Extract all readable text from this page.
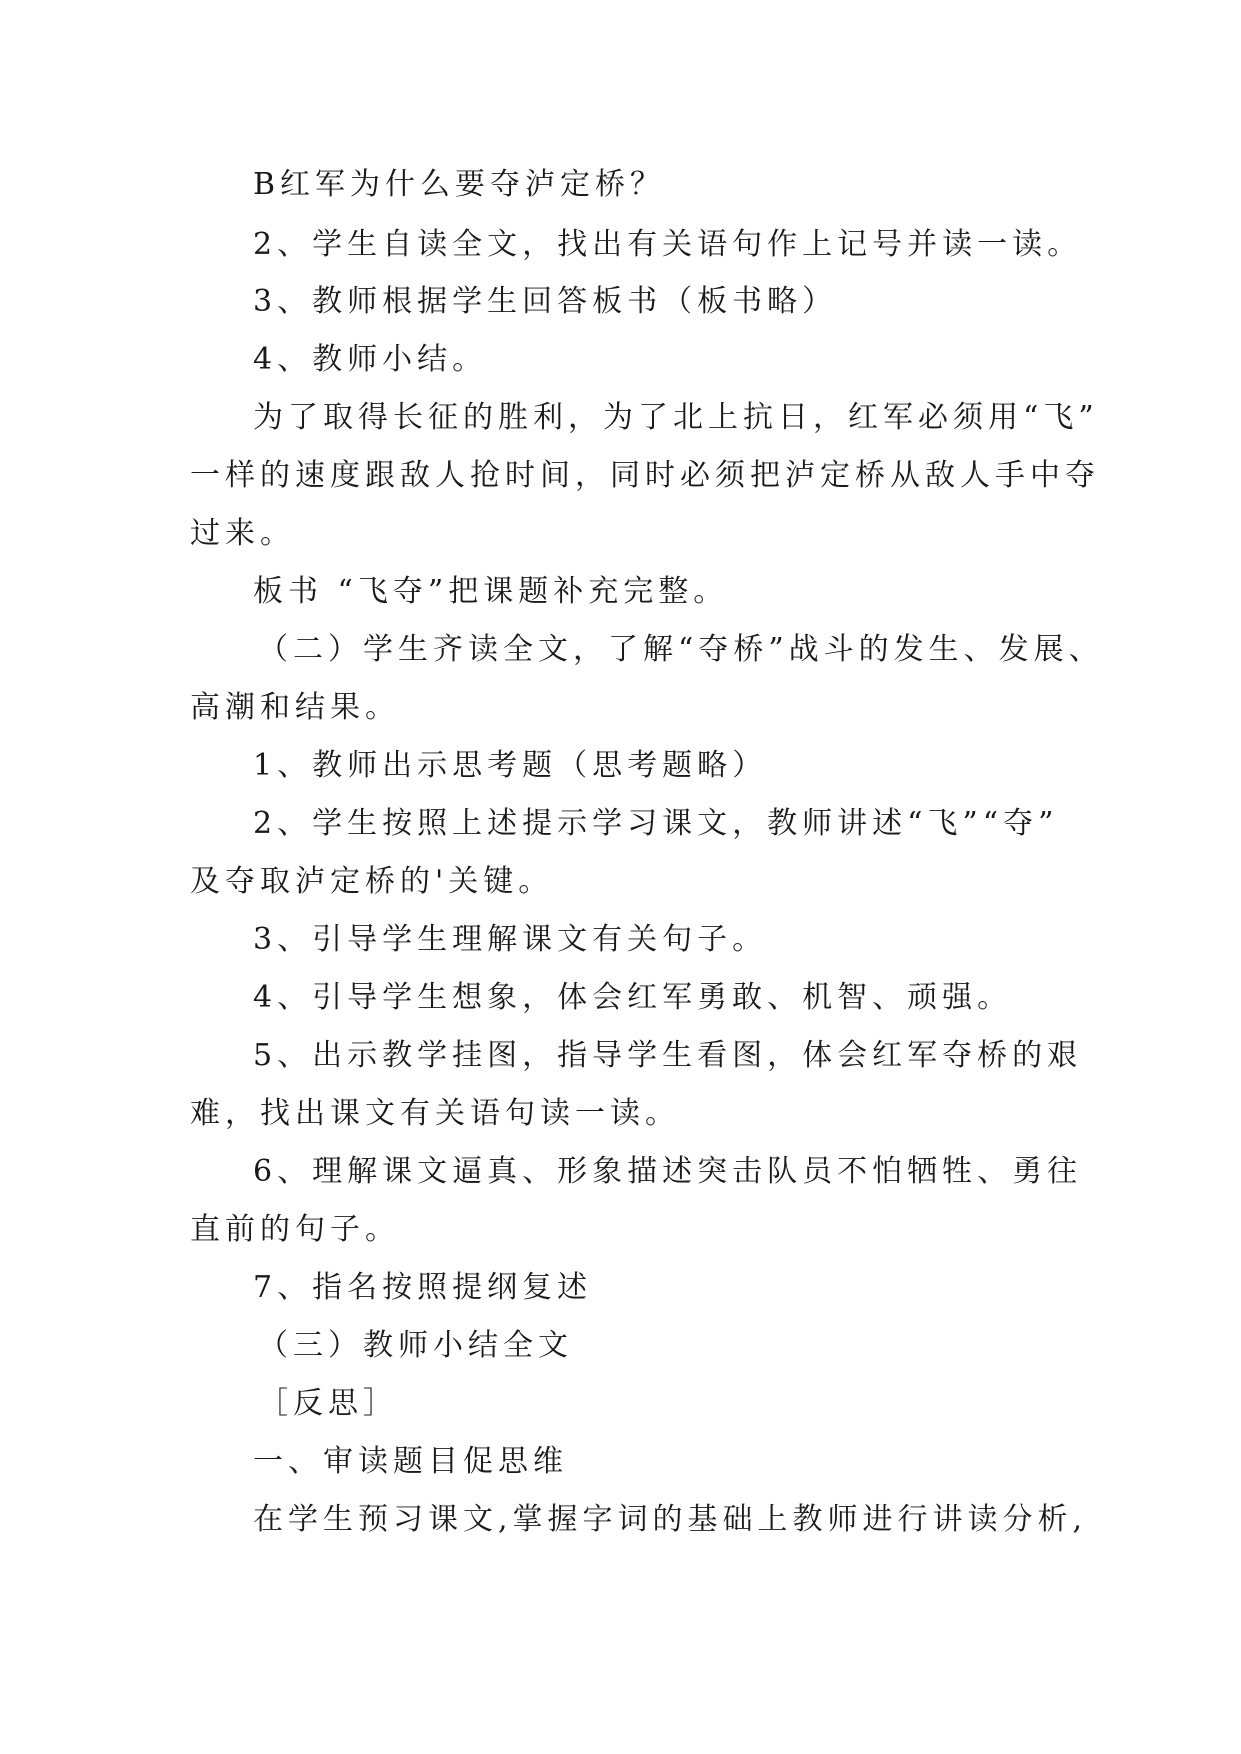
B红军为什么要夺泸定桥？
2、学生自读全文，找出有关语句作上记号并读一读。
3、教师根据学生回答板书（板书略）
4、教师小结。
为了取得长征的胜利，为了北上抗日，红军必须用“飞”
一样的速度跟敌人抢时间，同时必须把泸定桥从敌人手中夺
过来。
板书 “飞夺”把课题补充完整。
（二）学生齐读全文，了解“夺桥”战斗的发生、发展、
高潮和结果。
1、教师出示思考题（思考题略）
2、学生按照上述提示学习课文，教师讲述“飞”“夺”
及夺取泸定桥的'关键。
3、引导学生理解课文有关句子。
4、引导学生想象，体会红军勇敢、机智、顽强。
5、出示教学挂图，指导学生看图，体会红军夺桥的艰
难，找出课文有关语句读一读。
6、理解课文逼真、形象描述突击队员不怕牺牲、勇往
直前的句子。
7、指名按照提纲复述
（三）教师小结全文
［反思］
一、审读题目促思维
在学生预习课文,掌握字词的基础上教师进行讲读分析,
